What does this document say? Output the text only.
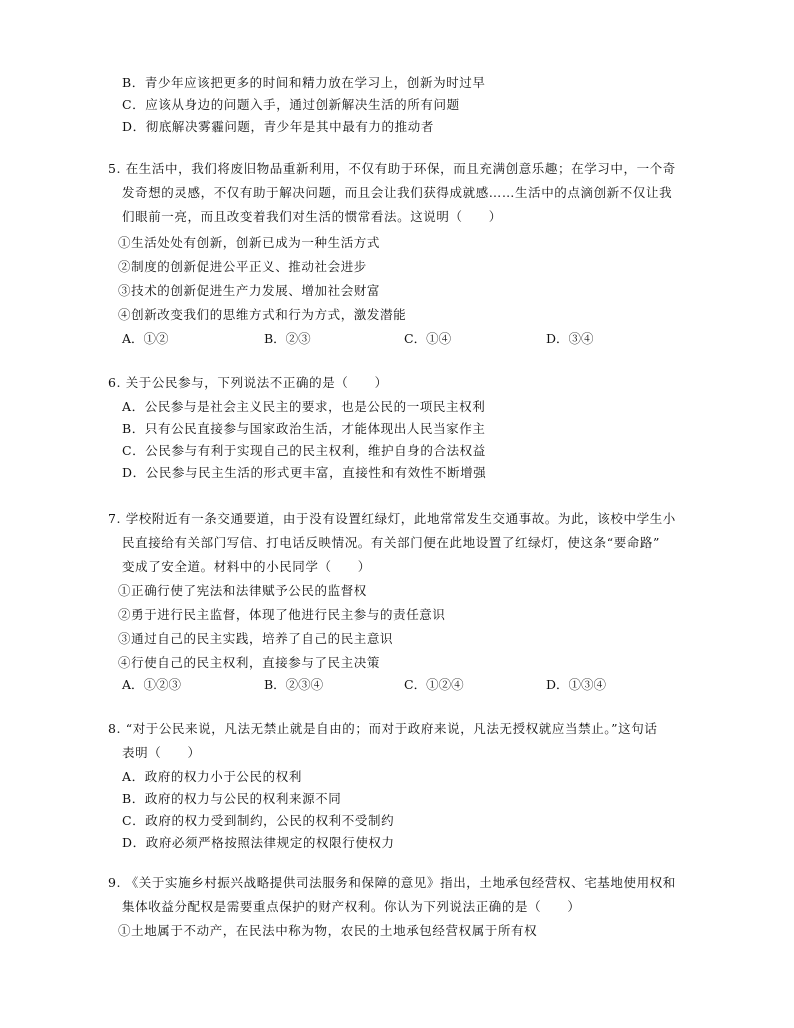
B．青少年应该把更多的时间和精力放在学习上，创新为时过早
C．应该从身边的问题入手，通过创新解决生活的所有问题
D．彻底解决雾霾问题，青少年是其中最有力的推动者
5. 在生活中，我们将废旧物品重新利用，不仅有助于环保，而且充满创意乐趣；在学习中，一个奇
发奇想的灵感，不仅有助于解决问题，而且会让我们获得成就感……生活中的点滴创新不仅让我
们眼前一亮，而且改变着我们对生活的惯常看法。这说明（　　）
①生活处处有创新，创新已成为一种生活方式
②制度的创新促进公平正义、推动社会进步
③技术的创新促进生产力发展、增加社会财富
④创新改变我们的思维方式和行为方式，激发潜能
A．①②	B．②③	C．①④	D．③④
6. 关于公民参与，下列说法不正确的是（　　）
A．公民参与是社会主义民主的要求，也是公民的一项民主权利
B．只有公民直接参与国家政治生活，才能体现出人民当家作主
C．公民参与有利于实现自己的民主权利，维护自身的合法权益
D．公民参与民主生活的形式更丰富，直接性和有效性不断增强
7. 学校附近有一条交通要道，由于没有设置红绿灯，此地常常发生交通事故。为此，该校中学生小
民直接给有关部门写信、打电话反映情况。有关部门便在此地设置了红绿灯，使这条“要命路”
变成了安全道。材料中的小民同学（　　）
①正确行使了宪法和法律赋予公民的监督权
②勇于进行民主监督，体现了他进行民主参与的责任意识
③通过自己的民主实践，培养了自己的民主意识
④行使自己的民主权利，直接参与了民主决策
A．①②③	B．②③④	C．①②④	D．①③④
8. “对于公民来说，凡法无禁止就是自由的；而对于政府来说，凡法无授权就应当禁止。”这句话
表明（　　）
A．政府的权力小于公民的权利
B．政府的权力与公民的权利来源不同
C．政府的权力受到制约，公民的权利不受制约
D．政府必须严格按照法律规定的权限行使权力
9. 《关于实施乡村振兴战略提供司法服务和保障的意见》指出，土地承包经营权、宅基地使用权和
集体收益分配权是需要重点保护的财产权利。你认为下列说法正确的是（　　）
①土地属于不动产，在民法中称为物，农民的土地承包经营权属于所有权
